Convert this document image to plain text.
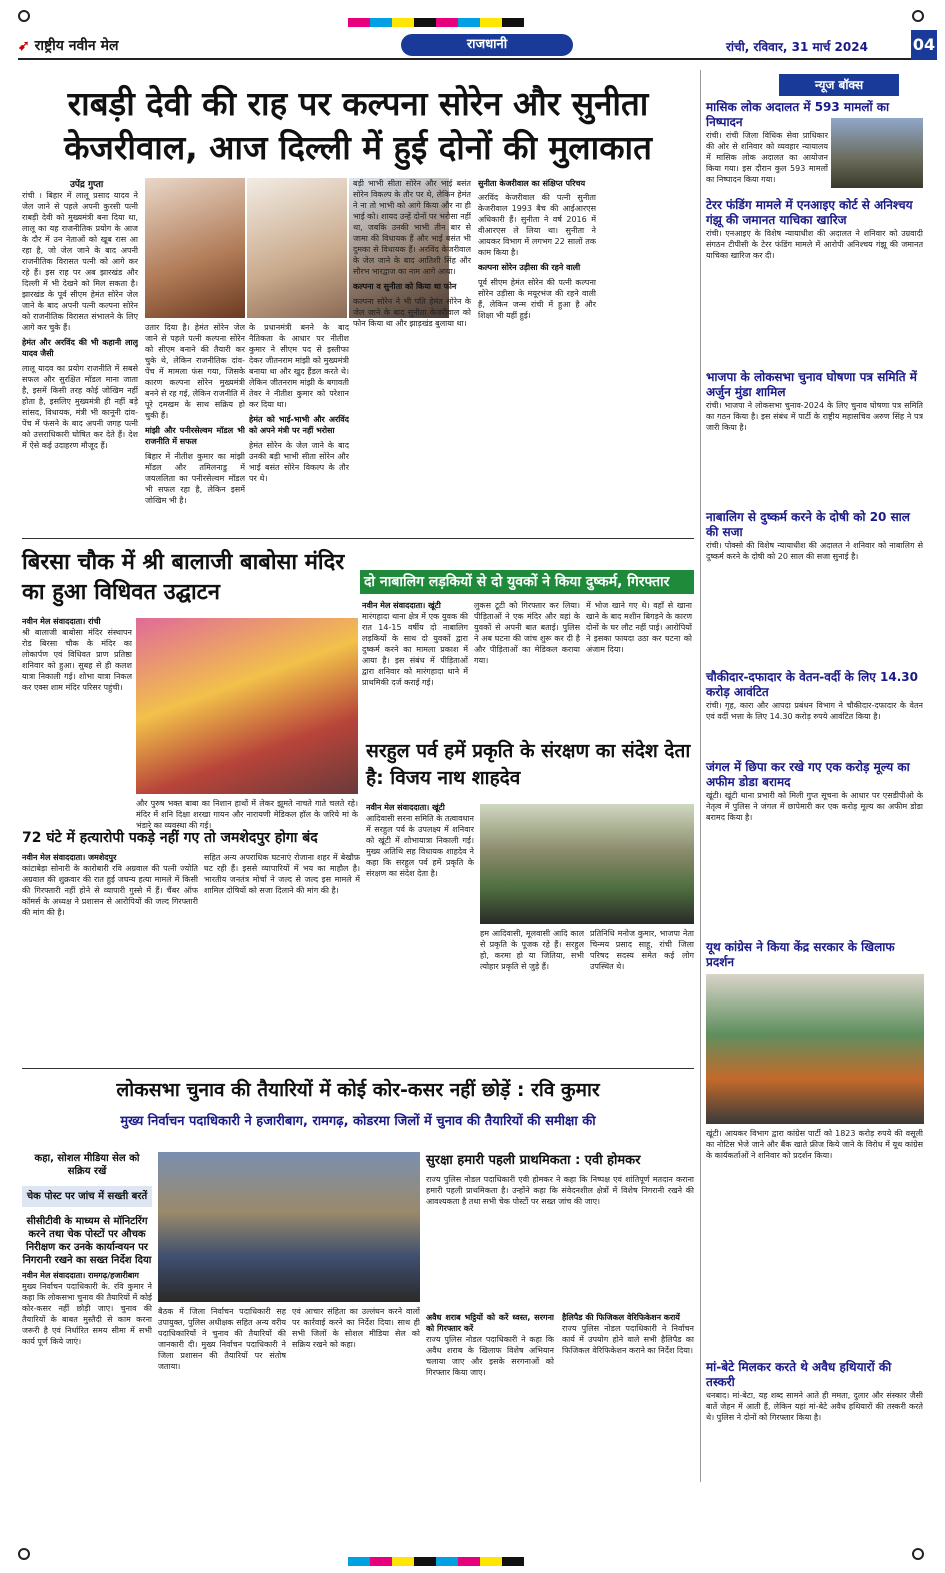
➹ राष्ट्रीय नवीन मेल	राजधानी	रांची, रविवार, 31 मार्च 2024	04
राबड़ी देवी की राह पर कल्पना सोरेन और सुनीता
केजरीवाल, आज दिल्ली में हुई दोनों की मुलाकात
उपेंद्र गुप्ता
रांची । बिहार में लालू प्रसाद यादव ने जेल जाने से पहले अपनी कुरसी पत्नी राबड़ी देवी को मुख्यमंत्री बना दिया था, लालू का यह राजनीतिक प्रयोग के आज के दौर में उन नेताओं को खूब रास आ रहा है, जो जेल जाने के बाद अपनी राजनीतिक विरासत पत्नी को आगे कर रहे हैं। इस राह पर अब झारखंड और दिल्ली में भी देखने को मिल सकता है। झारखंड के पूर्व सीएम हेमंत सोरेन जेल जाने के बाद अपनी पत्नी कल्पना सोरेन को राजनीतिक विरासत संभालने के लिए आगे कर चुके हैं।
हेमंत और अरविंद की भी कहानी लालू यादव जैसी
लालू यादव का प्रयोग राजनीति में सबसे सफल और सुरक्षित मॉडल माना जाता है, इसमें किसी तरह कोई जोखिम नहीं होता है, इसलिए मुख्यमंत्री ही नहीं बड़े सांसद, विधायक, मंत्री भी कानूनी दांव-पेंच में फंसने के बाद अपनी जगह पत्नी को उत्तराधिकारी घोषित कर देते हैं। देश में ऐसे कई उदाहरण मौजूद हैं।
उतार दिया है। हेमंत सोरेन जेल जाने से पहले पत्नी कल्पना सोरेन को सीएम बनाने की तैयारी कर चुके थे, लेकिन राजनीतिक दांव-पेंच में मामला फंस गया, जिसके कारण कल्पना सोरेन मुख्यमंत्री बनने से रह गई, लेकिन राजनीति में पूरे दमखम के साथ सक्रिय हो चुकी हैं।
मांझी और पनीरसेल्वम मॉडल भी राजनीति में सफल
बिहार में नीतीश कुमार का मांझी मॉडल और तमिलनाडु में जयललिता का पनीरसेल्वम मॉडल भी सफल रहा है, लेकिन इसमें जोखिम भी है।
के प्रधानमंत्री बनने के बाद नैतिकता के आधार पर नीतीश कुमार ने सीएम पद से इस्तीफा देकर जीतनराम मांझी को मुख्यमंत्री बनाया था और खुद हैंडल करते थे। लेकिन जीतनराम मांझी के बगावती तेवर ने नीतीश कुमार को परेशान कर दिया था।
हेमंत को भाई-भाभी और अरविंद को अपने मंत्री पर नहीं भरोसा
हेमंत सोरेन के जेल जाने के बाद उनकी बड़ी भाभी सीता सोरेन और भाई बसंत सोरेन विकल्प के तौर पर थे।
बड़ी भाभी सीता सोरेन और भाई बसंत सोरेन विकल्प के तौर पर थे, लेकिन हेमंत ने ना तो भाभी को आगे किया और ना ही भाई को। शायद उन्हें दोनों पर भरोसा नहीं था, जबकि उनकी भाभी तीन बार से जामा की विधायक हैं और भाई बसंत भी दुमका से विधायक हैं। अरविंद केजरीवाल के जेल जाने के बाद आतिशी सिंह और सौरभ भारद्वाज का नाम आगे आया।
कल्पना व सुनीता को किया था फोन
कल्पना सोरेन ने भी पति हेमंत सोरेन के जेल जाने के बाद सुनीता केजरीवाल को फोन किया था और झाड़खंड बुलाया था।
सुनीता केजरीवाल का संक्षिप्त परिचय
अरविंद केजरीवाल की पत्नी सुनीता केजरीवाल 1993 बैच की आईआरएस अधिकारी हैं। सुनीता ने वर्ष 2016 में वीआरएस ले लिया था। सुनीता ने आयकर विभाग में लगभग 22 सालों तक काम किया है।
कल्पना सोरेन उड़ीसा की रहने वाली
पूर्व सीएम हेमंत सोरेन की पत्नी कल्पना सोरेन उड़ीसा के मयूरभंज की रहने वाली हैं, लेकिन जन्म रांची में हुआ है और शिक्षा भी यहीं हुई।
न्यूज बॉक्स
मासिक लोक अदालत में 593 मामलों का निष्पादन
रांची। रांची जिला विधिक सेवा प्राधिकार की ओर से शनिवार को व्यवहार न्यायालय में मासिक लोक अदालत का आयोजन किया गया। इस दौरान कुल 593 मामलों का निष्पादन किया गया।
टेरर फंडिंग मामले में एनआइए कोर्ट से अनिश्चय गंझू की जमानत याचिका खारिज
रांची। एनआइए के विशेष न्यायाधीश की अदालत ने शनिवार को उग्रवादी संगठन टीपीसी के टेरर फंडिंग मामले में आरोपी अनिश्चय गंझू की जमानत याचिका खारिज कर दी।
भाजपा के लोकसभा चुनाव घोषणा पत्र समिति में अर्जुन मुंडा शामिल
रांची। भाजपा ने लोकसभा चुनाव-2024 के लिए चुनाव घोषणा पत्र समिति का गठन किया है। इस संबंध में पार्टी के राष्ट्रीय महासचिव अरुण सिंह ने पत्र जारी किया है।
नाबालिग से दुष्कर्म करने के दोषी को 20 साल की सजा
रांची। पोक्सो की विशेष न्यायाधीश की अदालत ने शनिवार को नाबालिग से दुष्कर्म करने के दोषी को 20 साल की सजा सुनाई है।
चौकीदार-दफादार के वेतन-वर्दी के लिए 14.30 करोड़ आवंटित
रांची। गृह, कारा और आपदा प्रबंधन विभाग ने चौकीदार-दफादार के वेतन एवं वर्दी भत्ता के लिए 14.30 करोड़ रुपये आवंटित किया है।
जंगल में छिपा कर रखे गए एक करोड़ मूल्य का अफीम डोडा बरामद
खूंटी। खूंटी थाना प्रभारी को मिली गुप्त सूचना के आधार पर एसडीपीओ के नेतृत्व में पुलिस ने जंगल में छापेमारी कर एक करोड़ मूल्य का अफीम डोडा बरामद किया है।
यूथ कांग्रेस ने किया केंद्र सरकार के खिलाफ प्रदर्शन
खूंटी। आयकर विभाग द्वारा कांग्रेस पार्टी को 1823 करोड़ रुपये की वसूली का नोटिस भेजे जाने और बैंक खाते फ्रीज किये जाने के विरोध में यूथ कांग्रेस के कार्यकर्ताओं ने शनिवार को प्रदर्शन किया।
मां-बेटे मिलकर करते थे अवैध हथियारों की तस्करी
धनबाद। मां-बेटा, यह शब्द सामने आते ही ममता, दुलार और संस्कार जैसी बातें जेहन में आती हैं, लेकिन यहां मां-बेटे अवैध हथियारों की तस्करी करते थे। पुलिस ने दोनों को गिरफ्तार किया है।
बिरसा चौक में श्री बालाजी बाबोसा मंदिर का हुआ विधिवत उद्घाटन
नवीन मेल संवाददाता। रांची
श्री बालाजी बाबोसा मंदिर संस्थापन रोड बिरसा चौक के मंदिर का लोकार्पण एवं विधिवत प्राण प्रतिष्ठा शनिवार को हुआ। सुबह से ही कलश यात्रा निकाली गई। शोभा यात्रा निकल कर एक्स शाम मंदिर परिसर पहुंची।
और पुरुष भक्त बाबा का निशान हाथों में लेकर झूमते नाचते गाते चलते रहे। मंदिर में शनि दिक्षा शरखा गायन और नारायणी मेडिकल हॉल के जरिये मां के भंडारे का व्यवस्था की गई।
दो नाबालिग लड़कियों से दो युवकों ने किया दुष्कर्म, गिरफ्तार
नवीन मेल संवाददाता। खूंटी
मारंगहादा थाना क्षेत्र में एक युवक की रात 14-15 वर्षीय दो नाबालिग लड़कियों के साथ दो युवकों द्वारा दुष्कर्म करने का मामला प्रकाश में आया है। इस संबंध में पीड़िताओं द्वारा शनिवार को मारंगहादा थाने में प्राथमिकी दर्ज कराई गई।
लुकस टूटी को गिरफ्तार कर लिया। पीड़िताओं ने एक मंदिर और वहां के युवकों से अपनी बात बताई। पुलिस ने अब घटना की जांच शुरू कर दी है और पीड़िताओं का मेडिकल कराया गया।
में भोज खाने गए थे। वहाँ से खाना खाने के बाद मशीन बिगड़ने के कारण दोनों के घर लौट नहीं पाई। आरोपियों ने इसका फायदा उठा कर घटना को अंजाम दिया।
सरहुल पर्व हमें प्रकृति के संरक्षण का संदेश देता है: विजय नाथ शाहदेव
नवीन मेल संवाददाता। खूंटी
आदिवासी सरना समिति के तत्वावधान में सरहुल पर्व के उपलक्ष्य में शनिवार को खूंटी में शोभायात्रा निकाली गई। मुख्य अतिथि सह विधायक शाहदेव ने कहा कि सरहुल पर्व हमें प्रकृति के संरक्षण का संदेश देता है।
हम आदिवासी, मूलवासी आदि काल से प्रकृति के पूजक रहे हैं। सरहुल हो, करमा हो या जितिया, सभी त्योहार प्रकृति से जुड़े हैं।
प्रतिनिधि मनोज कुमार, भाजपा नेता चिन्मय प्रसाद साहू, रांची जिला परिषद सदस्य समेत कई लोग उपस्थित थे।
72 घंटे में हत्यारोपी पकड़े नहीं गए तो जमशेदपुर होगा बंद
नवीन मेल संवाददाता। जमशेदपुर
कांटाबेड़ा सोनारी के कारोबारी रवि अग्रवाल की पत्नी ज्योति अग्रवाल की शुक्रवार की रात हुई जघन्य हत्या मामले में किसी की गिरफ्तारी नहीं होने से व्यापारी गुस्से में हैं। चैंबर ऑफ कॉमर्स के अध्यक्ष ने प्रशासन से आरोपियों की जल्द गिरफ्तारी की मांग की है।
सहित अन्य अपराधिक घटनाएं रोजाना शहर में बेखौफ़ घट रही हैं। इससे व्यापारियों में भय का माहौल है। भारतीय जनतंत्र मोर्चा ने जल्द से जल्द इस मामले में शामिल दोषियों को सजा दिलाने की मांग की है।
लोकसभा चुनाव की तैयारियों में कोई कोर-कसर नहीं छोड़ें : रवि कुमार
मुख्य निर्वाचन पदाधिकारी ने हजारीबाग, रामगढ़, कोडरमा जिलों में चुनाव की तैयारियों की समीक्षा की
कहा, सोशल मीडिया सेल को सक्रिय रखें
चेक पोस्ट पर जांच में सख्ती बरतें
सीसीटीवी के माध्यम से मॉनिटरिंग करने तथा चेक पोस्टों पर औचक निरीक्षण कर उनके कार्यान्वयन पर निगरानी रखने का सख्त निर्देश दिया
नवीन मेल संवाददाता। रामगढ़/हजारीबाग
मुख्य निर्वाचन पदाधिकारी के. रवि कुमार ने कहा कि लोकसभा चुनाव की तैयारियों में कोई कोर-कसर नहीं छोड़ी जाए। चुनाव की तैयारियों के बाबत मुस्तैदी से काम करना जरूरी है एवं निर्धारित समय सीमा में सभी कार्य पूर्ण किये जाएं।
बैठक में जिला निर्वाचन पदाधिकारी सह उपायुक्त, पुलिस अधीक्षक सहित अन्य वरीय पदाधिकारियों ने चुनाव की तैयारियों की जानकारी दी। मुख्य निर्वाचन पदाधिकारी ने जिला प्रशासन की तैयारियों पर संतोष जताया।
एवं आचार संहिता का उल्लंघन करने वालों पर कार्रवाई करने का निर्देश दिया। साथ ही सभी जिलों के सोशल मीडिया सेल को सक्रिय रखने को कहा।
सुरक्षा हमारी पहली प्राथमिकता : एवी होमकर
राज्य पुलिस नोडल पदाधिकारी एवी होमकर ने कहा कि निष्पक्ष एवं शांतिपूर्ण मतदान कराना हमारी पहली प्राथमिकता है। उन्होंने कहा कि संवेदनशील क्षेत्रों में विशेष निगरानी रखने की आवश्यकता है तथा सभी चेक पोस्टों पर सख्त जांच की जाए।
अवैध शराब भट्ठियों को करें ध्वस्त, सरगना को गिरफ्तार करें
राज्य पुलिस नोडल पदाधिकारी ने कहा कि अवैध शराब के खिलाफ विशेष अभियान चलाया जाए और इसके सरगनाओं को गिरफ्तार किया जाए।
हैलिपैड की फिजिकल वेरिफिकेशन करायें
राज्य पुलिस नोडल पदाधिकारी ने निर्वाचन कार्य में उपयोग होने वाले सभी हैलिपैड का फिजिकल वेरिफिकेशन कराने का निर्देश दिया।
